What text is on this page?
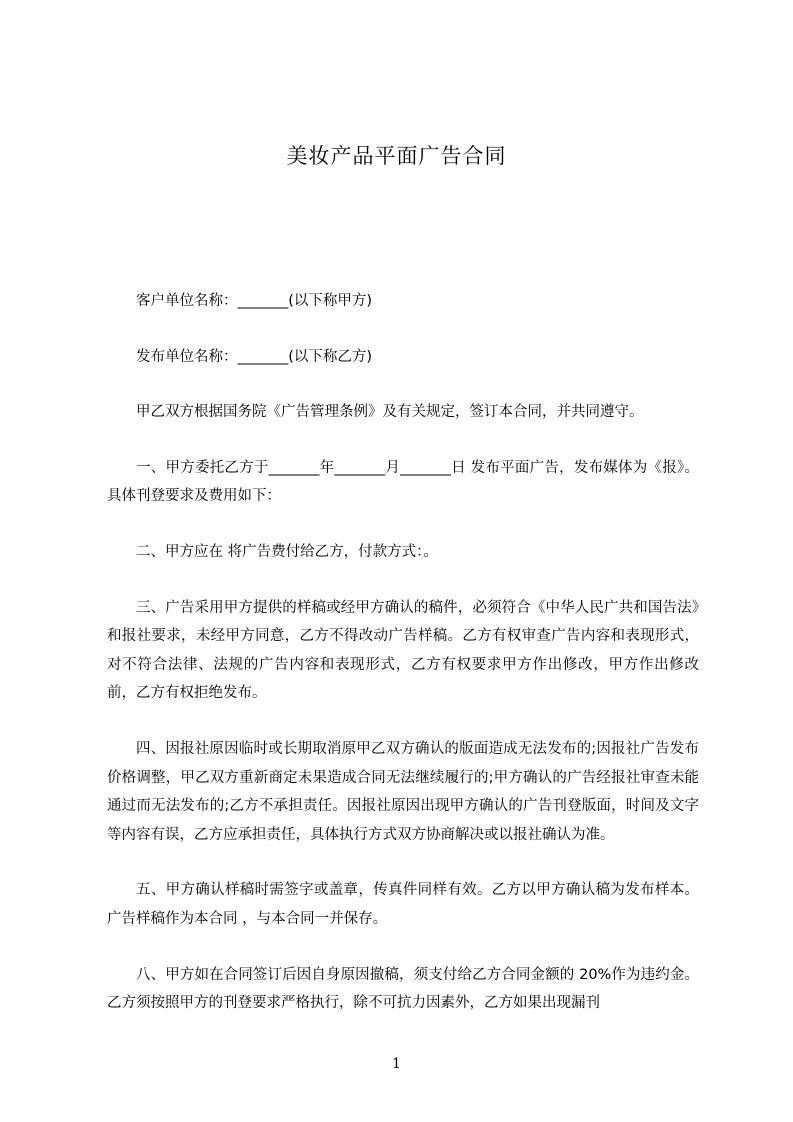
美妆产品平面广告合同

客户单位名称：_______(以下称甲方)

发布单位名称：_______(以下称乙方)

甲乙双方根据国务院《广告管理条例》及有关规定，签订本合同，并共同遵守。

一、甲方委托乙方于_______年_______月_______日 发布平面广告，发布媒体为《报》。具体刊登要求及费用如下：

二、甲方应在 将广告费付给乙方，付款方式：。

三、广告采用甲方提供的样稿或经甲方确认的稿件，必须符合《中华人民广共和国告法》和报社要求，未经甲方同意，乙方不得改动广告样稿。乙方有权审查广告内容和表现形式，对不符合法律、法规的广告内容和表现形式，乙方有权要求甲方作出修改，甲方作出修改前，乙方有权拒绝发布。

四、因报社原因临时或长期取消原甲乙双方确认的版面造成无法发布的;因报社广告发布价格调整，甲乙双方重新商定未果造成合同无法继续履行的;甲方确认的广告经报社审查未能通过而无法发布的;乙方不承担责任。因报社原因出现甲方确认的广告刊登版面，时间及文字等内容有误，乙方应承担责任，具体执行方式双方协商解决或以报社确认为准。

五、甲方确认样稿时需签字或盖章，传真件同样有效。乙方以甲方确认稿为发布样本。广告样稿作为本合同 ，与本合同一并保存。

八、甲方如在合同签订后因自身原因撤稿，须支付给乙方合同金额的 20%作为违约金。乙方须按照甲方的刊登要求严格执行，除不可抗力因素外，乙方如果出现漏刊

1
